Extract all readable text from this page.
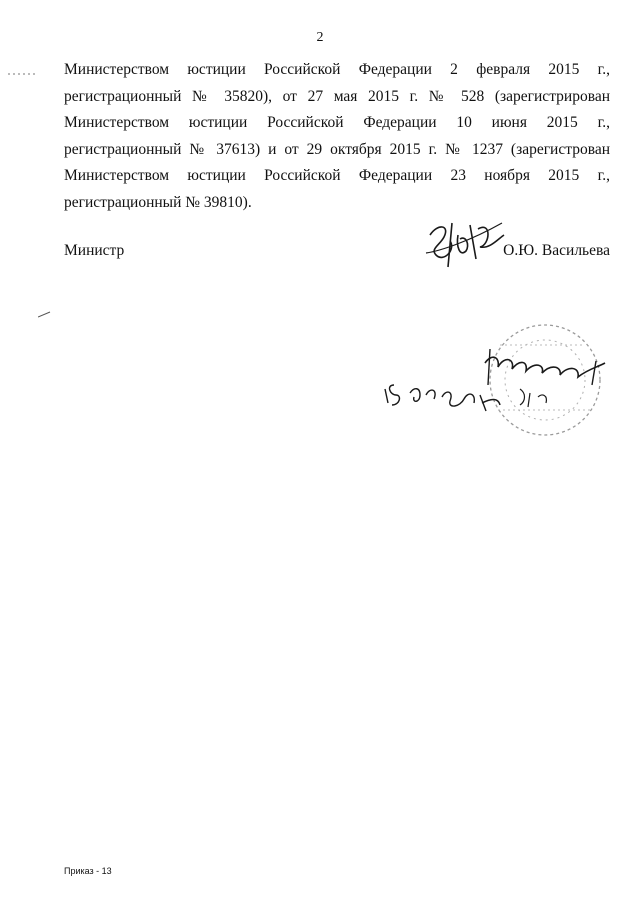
2

Министерством юстиции Российской Федерации 2 февраля 2015 г., регистрационный № 35820), от 27 мая 2015 г. № 528 (зарегистрирован Министерством юстиции Российской Федерации 10 июня 2015 г., регистрационный № 37613) и от 29 октября 2015 г. № 1237 (зарегистрован Министерством юстиции Российской Федерации 23 ноября 2015 г., регистрационный № 39810).

Министр	О.Ю. Васильева
Приказ - 13
